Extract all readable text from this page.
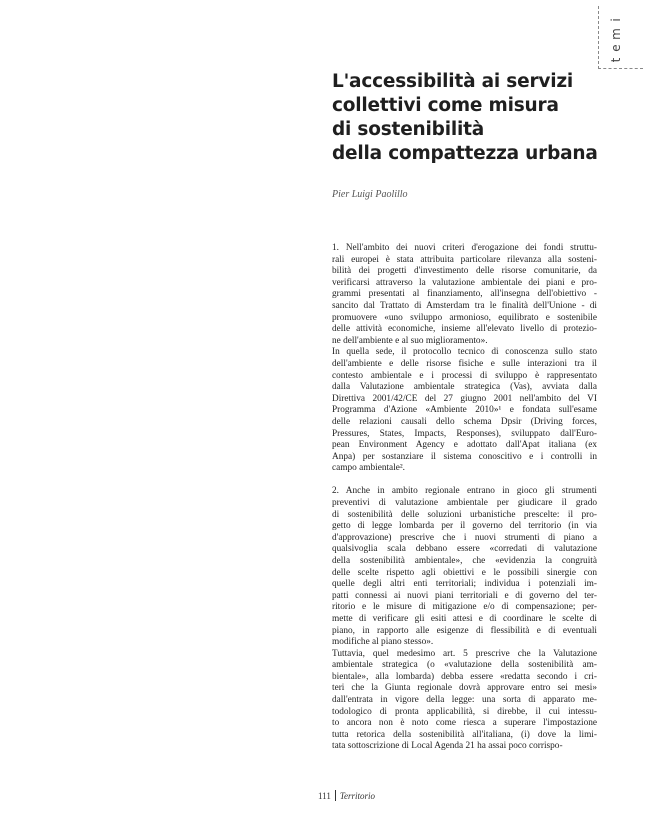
t
e
m
i
L'accessibilità ai servizi
collettivi come misura
di sostenibilità
della compattezza urbana
Pier Luigi Paolillo
1. Nell'ambito dei nuovi criteri d'erogazione dei fondi struttu-
rali europei è stata attribuita particolare rilevanza alla sosteni-
bilità dei progetti d'investimento delle risorse comunitarie, da
verificarsi attraverso la valutazione ambientale dei piani e pro-
grammi presentati al finanziamento, all'insegna dell'obiettivo -
sancito dal Trattato di Amsterdam tra le finalità dell'Unione - di
promuovere «uno sviluppo armonioso, equilibrato e sostenibile
delle attività economiche, insieme all'elevato livello di protezio-
ne dell'ambiente e al suo miglioramento».
In quella sede, il protocollo tecnico di conoscenza sullo stato
dell'ambiente e delle risorse fisiche e sulle interazioni tra il
contesto ambientale e i processi di sviluppo è rappresentato
dalla Valutazione ambientale strategica (Vas), avviata dalla
Direttiva 2001/42/CE del 27 giugno 2001 nell'ambito del VI
Programma d'Azione «Ambiente 2010»¹ e fondata sull'esame
delle relazioni causali dello schema Dpsir (Driving forces,
Pressures, States, Impacts, Responses), sviluppato dall'Euro-
pean Environment Agency e adottato dall'Apat italiana (ex
Anpa) per sostanziare il sistema conoscitivo e i controlli in
campo ambientale².
2. Anche in ambito regionale entrano in gioco gli strumenti
preventivi di valutazione ambientale per giudicare il grado
di sostenibilità delle soluzioni urbanistiche prescelte: il pro-
getto di legge lombarda per il governo del territorio (in via
d'approvazione) prescrive che i nuovi strumenti di piano a
qualsivoglia scala debbano essere «corredati di valutazione
della sostenibilità ambientale», che «evidenzia la congruità
delle scelte rispetto agli obiettivi e le possibili sinergie con
quelle degli altri enti territoriali; individua i potenziali im-
patti connessi ai nuovi piani territoriali e di governo del ter-
ritorio e le misure di mitigazione e/o di compensazione; per-
mette di verificare gli esiti attesi e di coordinare le scelte di
piano, in rapporto alle esigenze di flessibilità e di eventuali
modifiche al piano stesso».
Tuttavia, quel medesimo art. 5 prescrive che la Valutazione
ambientale strategica (o «valutazione della sostenibilità am-
bientale», alla lombarda) debba essere «redatta secondo i cri-
teri che la Giunta regionale dovrà approvare entro sei mesi»
dall'entrata in vigore della legge: una sorta di apparato me-
todologico di pronta applicabilità, si direbbe, il cui intessu-
to ancora non è noto come riesca a superare l'impostazione
tutta retorica della sostenibilità all'italiana, (i) dove la limi-
tata sottoscrizione di Local Agenda 21 ha assai poco corrispo-
111 Territorio
